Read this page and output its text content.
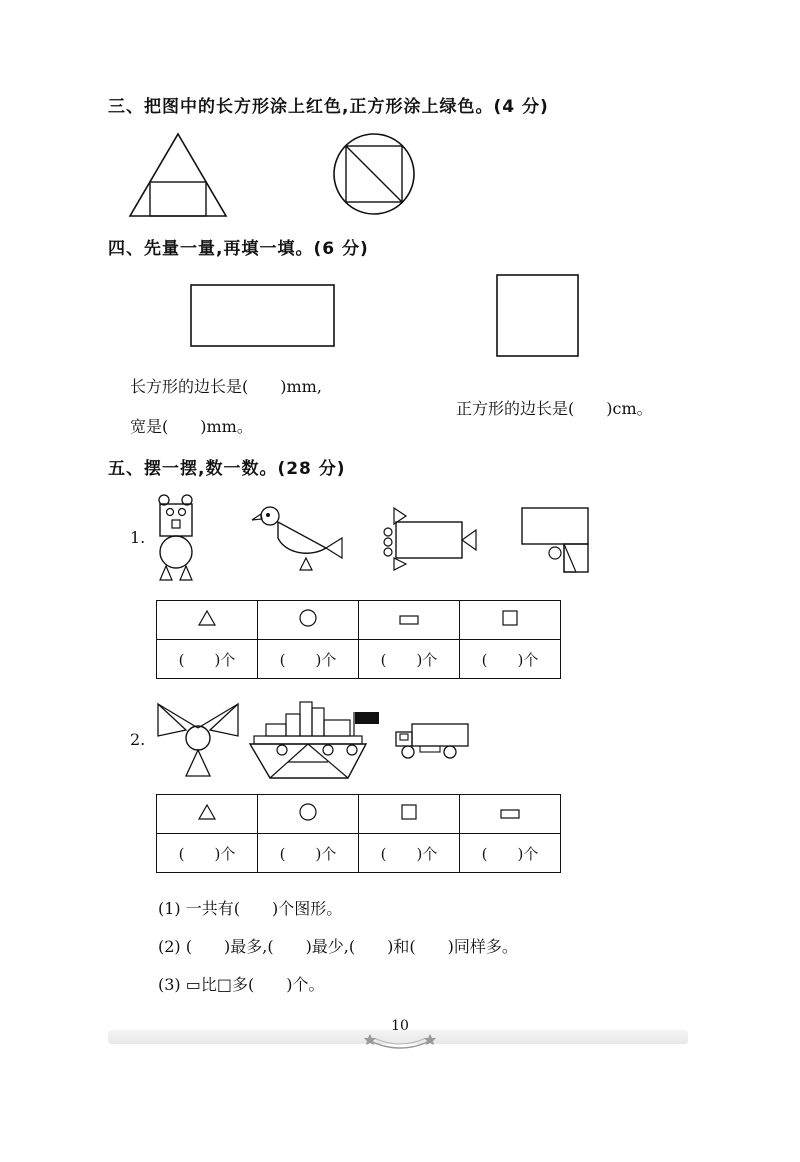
三、把图中的长方形涂上红色,正方形涂上绿色。(4 分)
四、先量一量,再填一填。(6 分)
长方形的边长是(　　)mm,
宽是(　　)mm。
正方形的边长是(　　)cm。
五、摆一摆,数一数。(28 分)
1.

(　　)个	(　　)个	(　　)个	(　　)个
2.

(　　)个	(　　)个	(　　)个	(　　)个
(1) 一共有(　　)个图形。
(2) (　　)最多,(　　)最少,(　　)和(　　)同样多。
(3) ▭比□多(　　)个。
10
